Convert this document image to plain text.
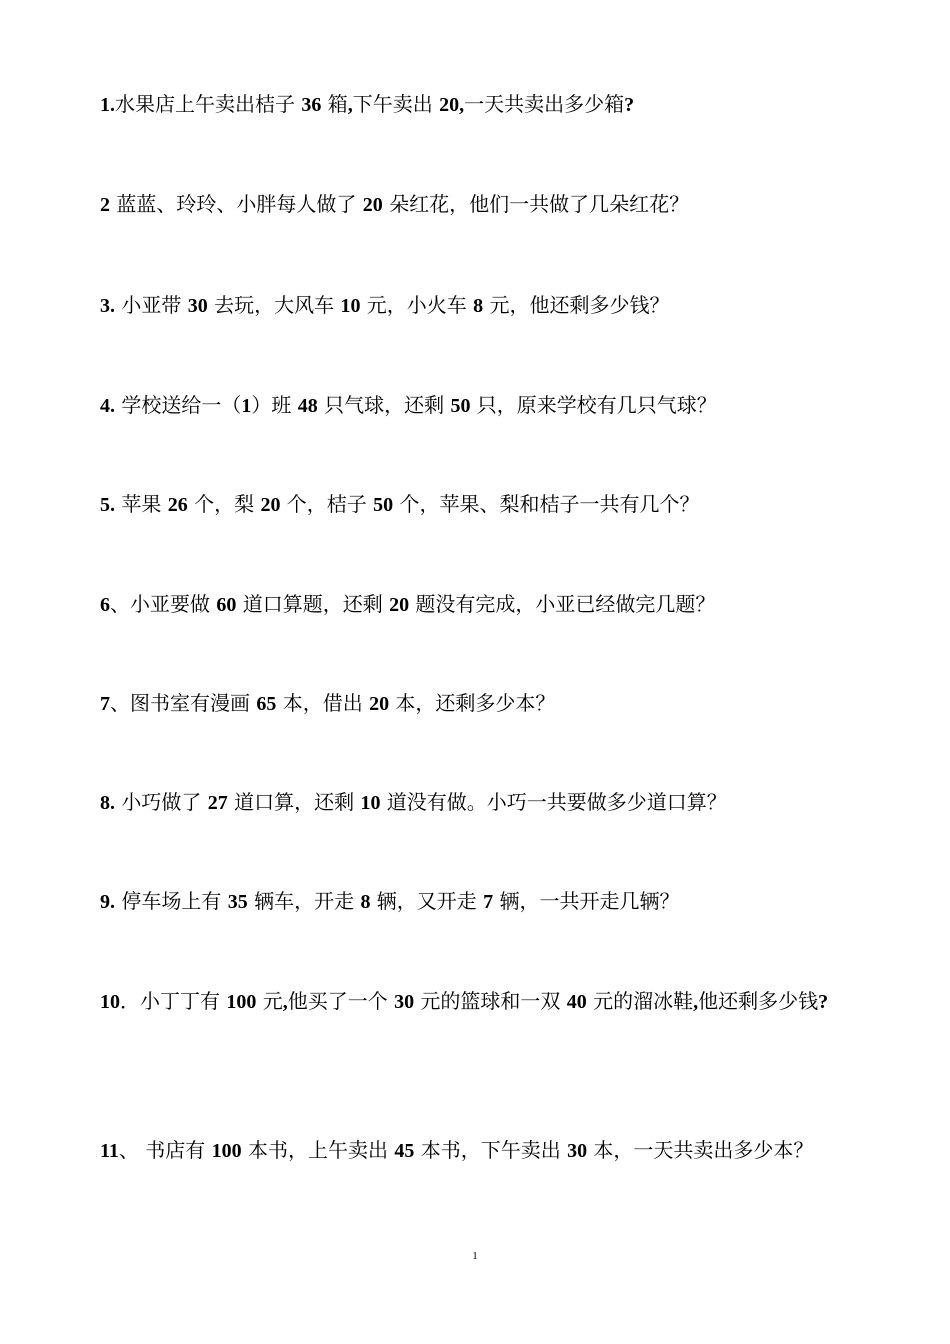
1.水果店上午卖出桔子 36 箱,下午卖出 20,一天共卖出多少箱?
2 蓝蓝、玲玲、小胖每人做了 20 朵红花，他们一共做了几朵红花？
3. 小亚带 30 去玩，大风车 10 元，小火车 8 元，他还剩多少钱？
4. 学校送给一（1）班 48 只气球，还剩 50 只，原来学校有几只气球？
5. 苹果 26 个，梨 20 个，桔子 50 个，苹果、梨和桔子一共有几个？
6、小亚要做 60 道口算题，还剩 20 题没有完成，小亚已经做完几题？
7、图书室有漫画 65 本，借出 20 本，还剩多少本？
8. 小巧做了 27 道口算，还剩 10 道没有做。小巧一共要做多少道口算？
9. 停车场上有 35 辆车，开走 8 辆，又开走 7 辆，一共开走几辆？
10．小丁丁有 100 元,他买了一个 30 元的篮球和一双 40 元的溜冰鞋,他还剩多少钱?
11、 书店有 100 本书，上午卖出 45 本书，下午卖出 30 本，一天共卖出多少本？
1
